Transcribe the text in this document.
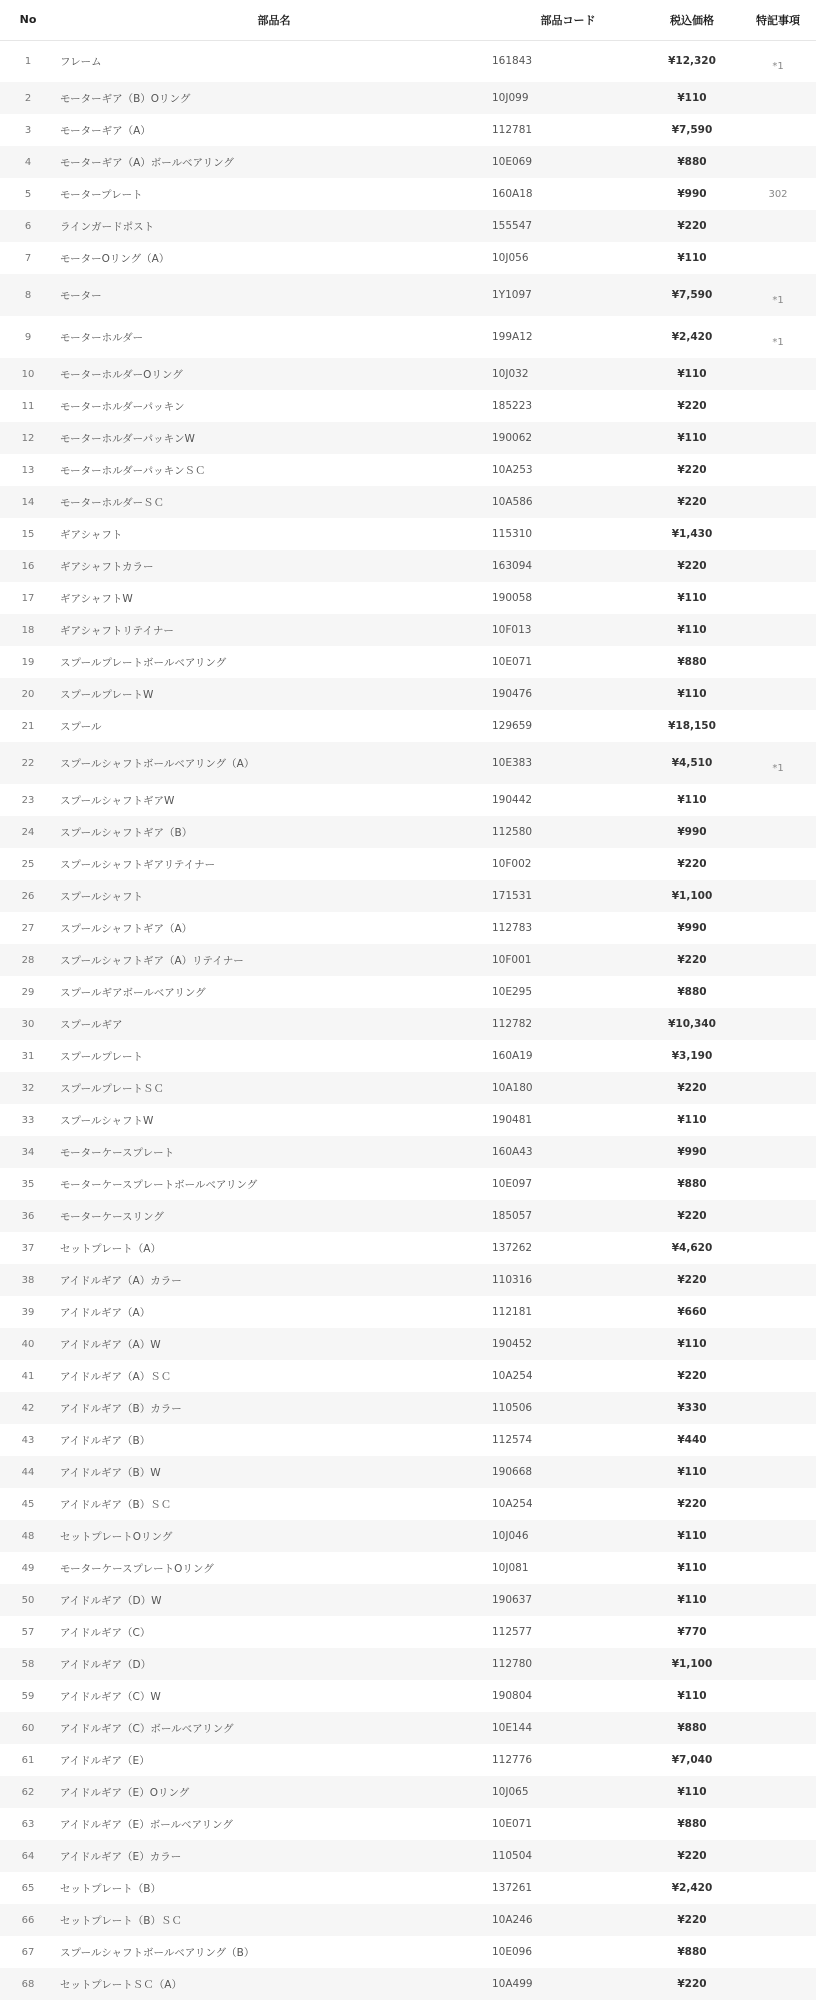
No	部品名	部品コード	税込価格	特記事項
1	フレーム	161843	¥12,320	*1
2	モーターギア（B）Oリング	10J099	¥110	
3	モーターギア（A）	112781	¥7,590	
4	モーターギア（A）ボールベアリング	10E069	¥880	
5	モータープレート	160A18	¥990	302
6	ラインガードポスト	155547	¥220	
7	モーターOリング（A）	10J056	¥110	
8	モーター	1Y1097	¥7,590	*1
9	モーターホルダー	199A12	¥2,420	*1
10	モーターホルダーOリング	10J032	¥110	
11	モーターホルダーパッキン	185223	¥220	
12	モーターホルダーパッキンW	190062	¥110	
13	モーターホルダーパッキンＳＣ	10A253	¥220	
14	モーターホルダーＳＣ	10A586	¥220	
15	ギアシャフト	115310	¥1,430	
16	ギアシャフトカラー	163094	¥220	
17	ギアシャフトW	190058	¥110	
18	ギアシャフトリテイナー	10F013	¥110	
19	スプールプレートボールベアリング	10E071	¥880	
20	スプールプレートW	190476	¥110	
21	スプール	129659	¥18,150	
22	スプールシャフトボールベアリング（A）	10E383	¥4,510	*1
23	スプールシャフトギアW	190442	¥110	
24	スプールシャフトギア（B）	112580	¥990	
25	スプールシャフトギアリテイナー	10F002	¥220	
26	スプールシャフト	171531	¥1,100	
27	スプールシャフトギア（A）	112783	¥990	
28	スプールシャフトギア（A）リテイナー	10F001	¥220	
29	スプールギアボールベアリング	10E295	¥880	
30	スプールギア	112782	¥10,340	
31	スプールプレート	160A19	¥3,190	
32	スプールプレートＳＣ	10A180	¥220	
33	スプールシャフトW	190481	¥110	
34	モーターケースプレート	160A43	¥990	
35	モーターケースプレートボールベアリング	10E097	¥880	
36	モーターケースリング	185057	¥220	
37	セットプレート（A）	137262	¥4,620	
38	アイドルギア（A）カラー	110316	¥220	
39	アイドルギア（A）	112181	¥660	
40	アイドルギア（A）W	190452	¥110	
41	アイドルギア（A）ＳＣ	10A254	¥220	
42	アイドルギア（B）カラー	110506	¥330	
43	アイドルギア（B）	112574	¥440	
44	アイドルギア（B）W	190668	¥110	
45	アイドルギア（B）ＳＣ	10A254	¥220	
48	セットプレートOリング	10J046	¥110	
49	モーターケースプレートOリング	10J081	¥110	
50	アイドルギア（D）W	190637	¥110	
57	アイドルギア（C）	112577	¥770	
58	アイドルギア（D）	112780	¥1,100	
59	アイドルギア（C）W	190804	¥110	
60	アイドルギア（C）ボールベアリング	10E144	¥880	
61	アイドルギア（E）	112776	¥7,040	
62	アイドルギア（E）Oリング	10J065	¥110	
63	アイドルギア（E）ボールベアリング	10E071	¥880	
64	アイドルギア（E）カラー	110504	¥220	
65	セットプレート（B）	137261	¥2,420	
66	セットプレート（B）ＳＣ	10A246	¥220	
67	スプールシャフトボールベアリング（B）	10E096	¥880	
68	セットプレートＳＣ（A）	10A499	¥220	
